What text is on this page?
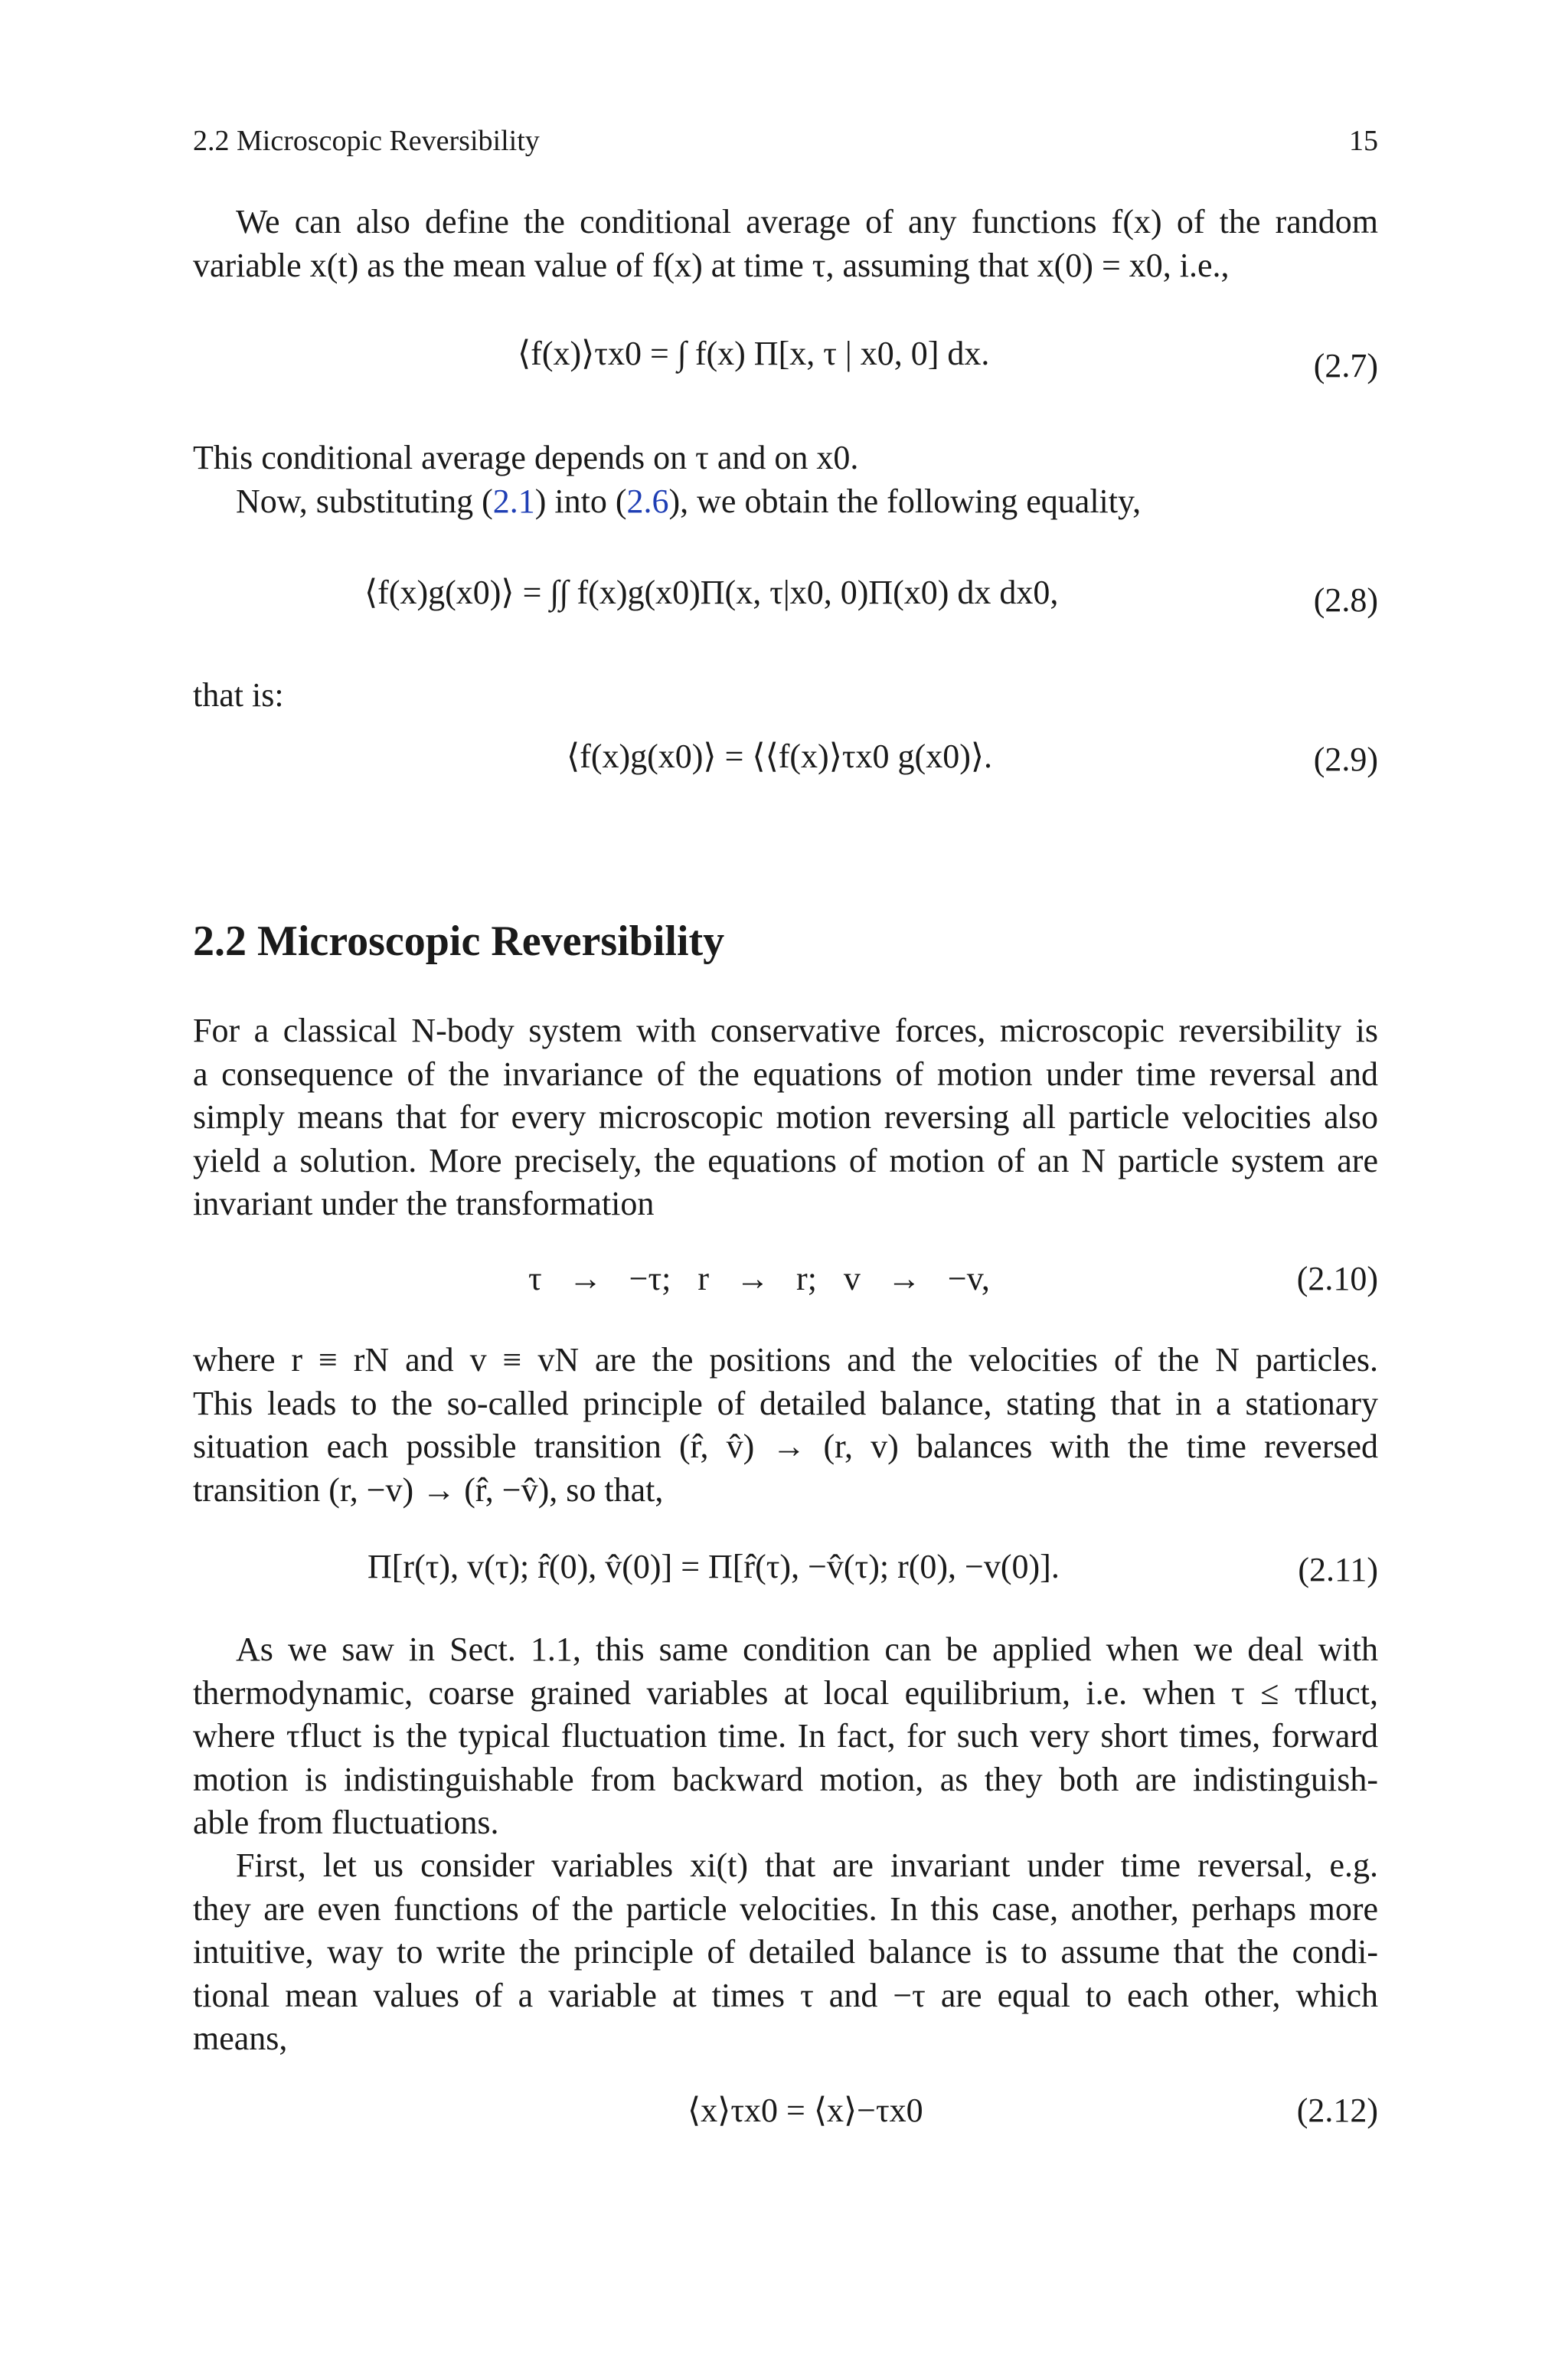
2.2 Microscopic Reversibility	15
We can also define the conditional average of any functions f(x) of the random
variable x(t) as the mean value of f(x) at time τ, assuming that x(0) = x0, i.e.,
⟨f(x)⟩τx0 = ∫ f(x) Π[x, τ | x0, 0] dx.	(2.7)
This conditional average depends on τ and on x0.
Now, substituting (2.1) into (2.6), we obtain the following equality,
⟨f(x)g(x0)⟩ = ∫∫ f(x)g(x0)Π(x, τ|x0, 0)Π(x0) dx dx0,	(2.8)
that is:
⟨f(x)g(x0)⟩ = ⟨⟨f(x)⟩τx0 g(x0)⟩.	(2.9)
2.2 Microscopic Reversibility
For a classical N-body system with conservative forces, microscopic reversibility is
a consequence of the invariance of the equations of motion under time reversal and
simply means that for every microscopic motion reversing all particle velocities also
yield a solution. More precisely, the equations of motion of an N particle system are
invariant under the transformation
τ → −τ; r → r; v → −v,	(2.10)
where r ≡ rN and v ≡ vN are the positions and the velocities of the N particles.
This leads to the so-called principle of detailed balance, stating that in a stationary
situation each possible transition (r̂, v̂) → (r, v) balances with the time reversed
transition (r, −v) → (r̂, −v̂), so that,
Π[r(τ), v(τ); r̂(0), v̂(0)] = Π[r̂(τ), −v̂(τ); r(0), −v(0)].	(2.11)
As we saw in Sect. 1.1, this same condition can be applied when we deal with
thermodynamic, coarse grained variables at local equilibrium, i.e. when τ ≤ τfluct,
where τfluct is the typical fluctuation time. In fact, for such very short times, forward
motion is indistinguishable from backward motion, as they both are indistinguish-
able from fluctuations.
First, let us consider variables xi(t) that are invariant under time reversal, e.g.
they are even functions of the particle velocities. In this case, another, perhaps more
intuitive, way to write the principle of detailed balance is to assume that the condi-
tional mean values of a variable at times τ and −τ are equal to each other, which
means,
⟨x⟩τx0 = ⟨x⟩−τx0	(2.12)
